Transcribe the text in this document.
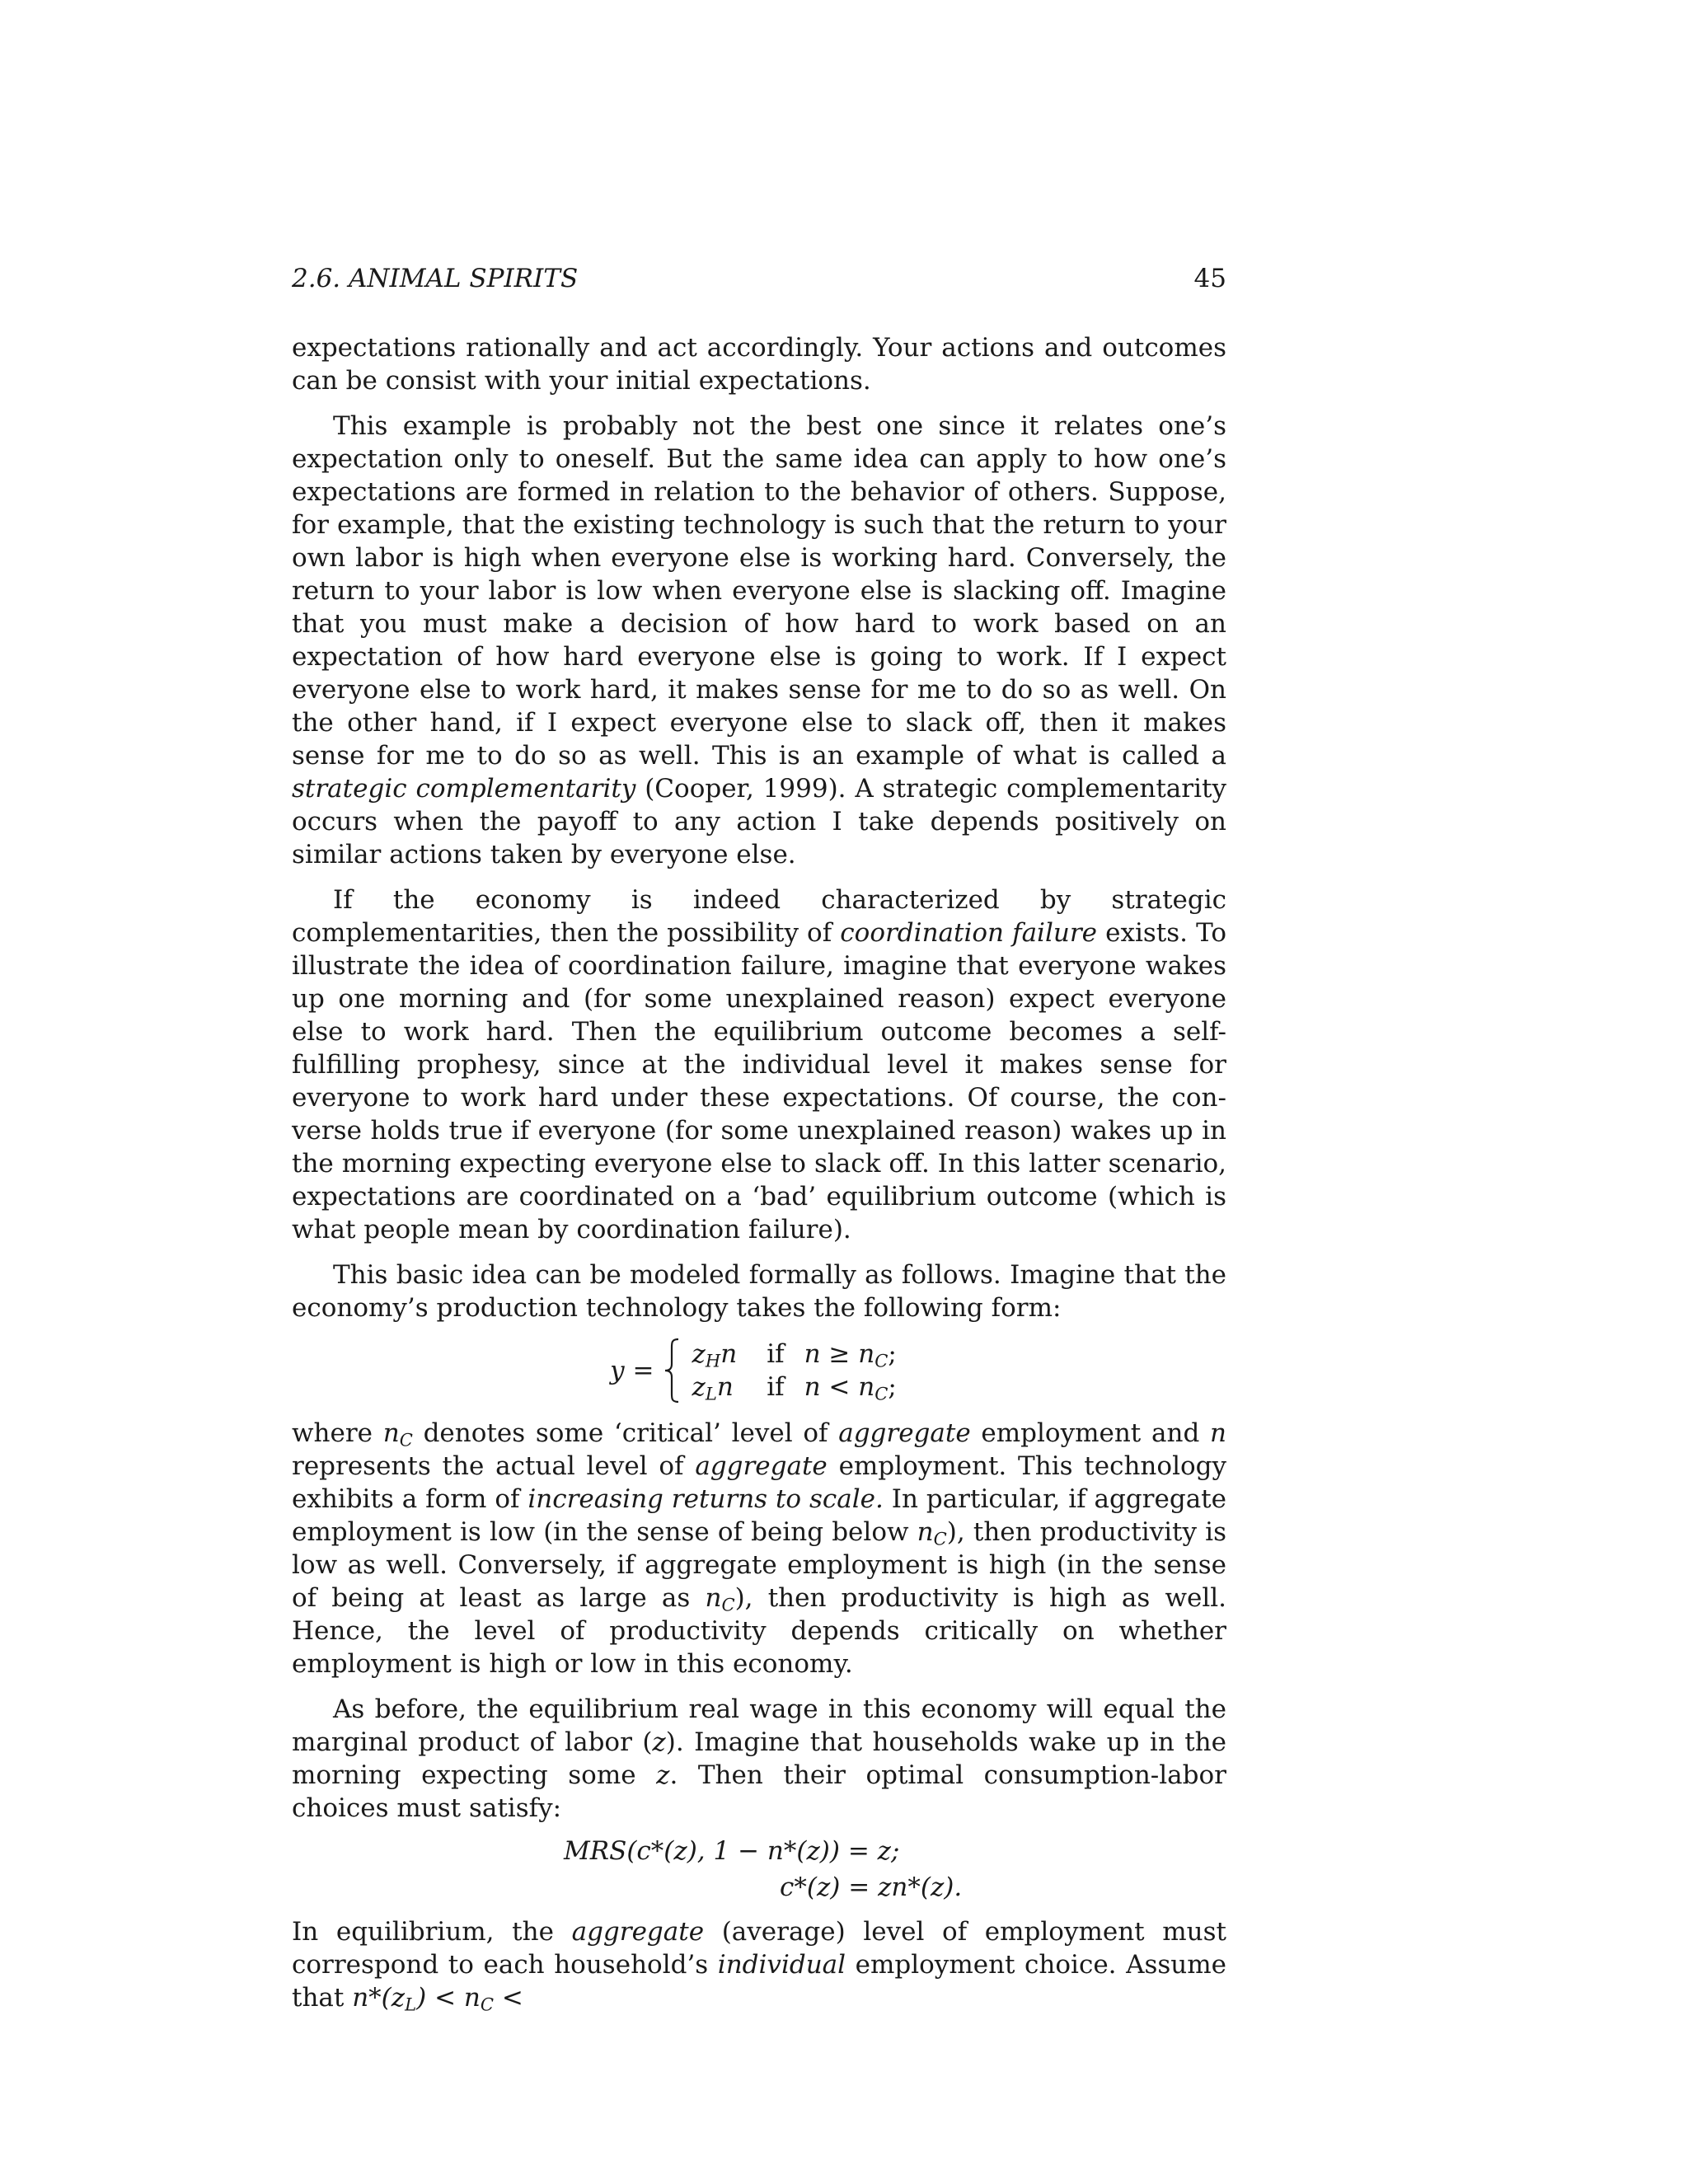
2.6. ANIMAL SPIRITS	45

expectations rationally and act accordingly. Your actions and outcomes can be consist with your initial expectations.

This example is probably not the best one since it relates one’s expectation only to oneself. But the same idea can apply to how one’s expectations are formed in relation to the behavior of others. Suppose, for example, that the existing technology is such that the return to your own labor is high when everyone else is working hard. Conversely, the return to your labor is low when everyone else is slacking off. Imagine that you must make a decision of how hard to work based on an expectation of how hard everyone else is going to work. If I expect everyone else to work hard, it makes sense for me to do so as well. On the other hand, if I expect everyone else to slack off, then it makes sense for me to do so as well. This is an example of what is called a strategic complementarity (Cooper, 1999). A strategic complementarity occurs when the payoff to any action I take depends positively on similar actions taken by everyone else.

If the economy is indeed characterized by strategic complementarities, then the possibility of coordination failure exists. To illustrate the idea of coordination failure, imagine that everyone wakes up one morning and (for some unexplained reason) expect everyone else to work hard. Then the equilibrium outcome becomes a self-fulfilling prophesy, since at the individual level it makes sense for everyone to work hard under these expectations. Of course, the converse holds true if everyone (for some unexplained reason) wakes up in the morning expecting everyone else to slack off. In this latter scenario, expectations are coordinated on a ‘bad’ equilibrium outcome (which is what people mean by coordination failure).

This basic idea can be modeled formally as follows. Imagine that the economy’s production technology takes the following form:

y =
$z_Hn$	if	$n \ge n_C$;
$z_Ln$	if	$n < n_C$;

where $n_C$ denotes some ‘critical’ level of aggregate employment and n represents the actual level of aggregate employment. This technology exhibits a form of increasing returns to scale. In particular, if aggregate employment is low (in the sense of being below $n_C$), then productivity is low as well. Conversely, if aggregate employment is high (in the sense of being at least as large as $n_C$), then productivity is high as well. Hence, the level of productivity depends critically on whether employment is high or low in this economy.

As before, the equilibrium real wage in this economy will equal the marginal product of labor (z). Imagine that households wake up in the morning expecting some z. Then their optimal consumption-labor choices must satisfy:

MRS(c*(z), 1 − n*(z)) = z;
c*(z) = zn*(z).

In equilibrium, the aggregate (average) level of employment must correspond to each household’s individual employment choice. Assume that $n*(z_L) < n_C$ <
